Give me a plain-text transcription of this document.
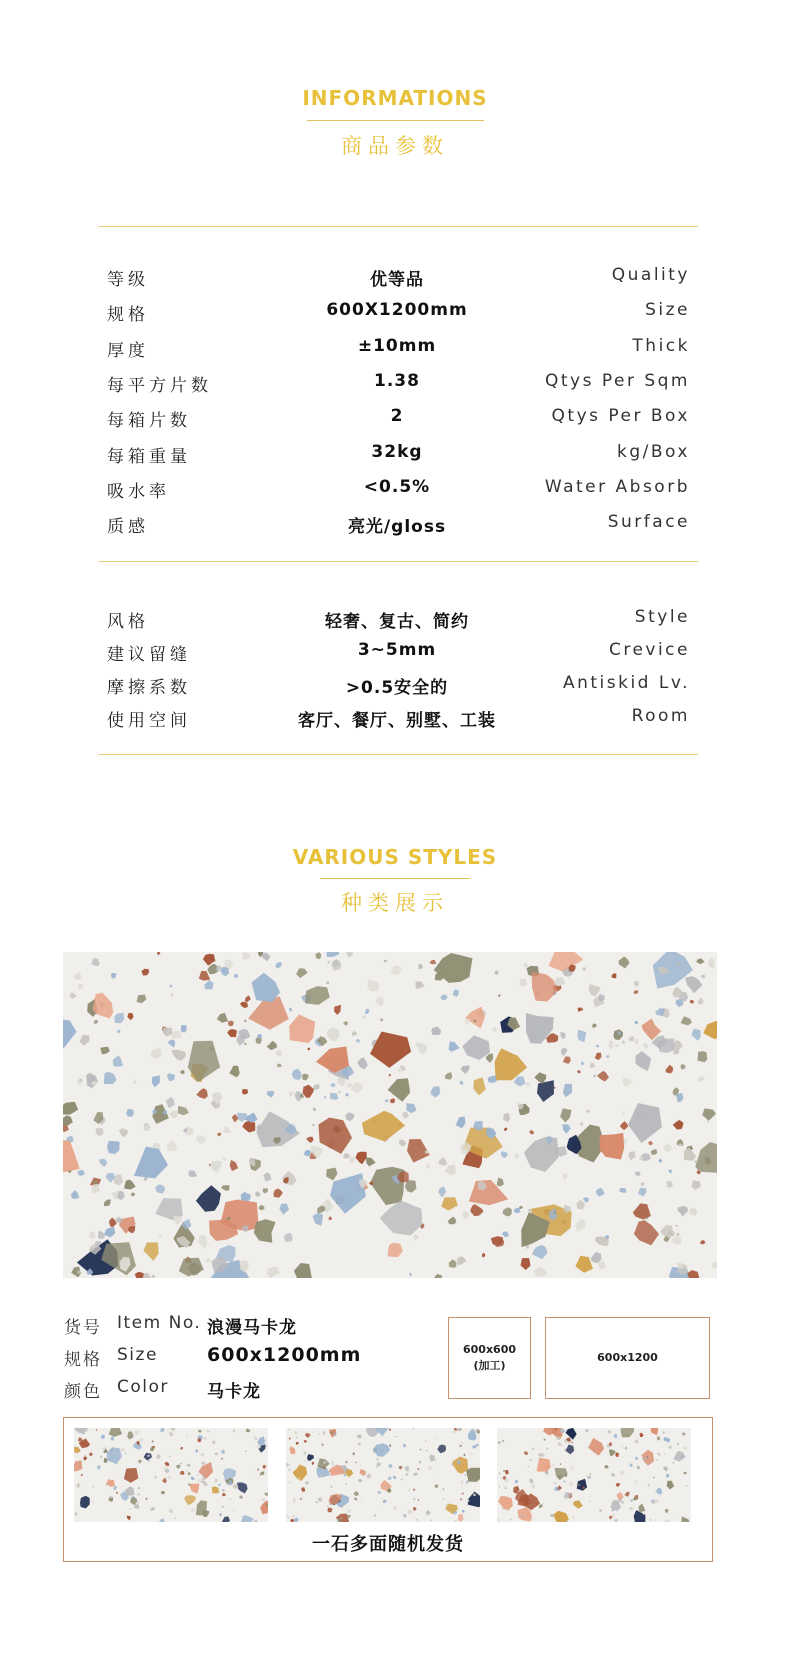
INFORMATIONS
商品参数
等级	优等品	Quality
规格	600X1200mm	Size
厚度	±10mm	Thick
每平方片数	1.38	Qtys Per Sqm
每箱片数	2	Qtys Per Box
每箱重量	32kg	kg/Box
吸水率	<0.5%	Water Absorb
质感	亮光/gloss	Surface
风格	轻奢、复古、简约	Style
建议留缝	3~5mm	Crevice
摩擦系数	>0.5安全的	Antiskid Lv.
使用空间	客厅、餐厅、别墅、工装	Room
VARIOUS STYLES
种类展示
货号 Item No. 浪漫马卡龙
规格 Size	600x1200mm
颜色 Color 马卡龙
600x600
(加工)
600x1200
一石多面随机发货
